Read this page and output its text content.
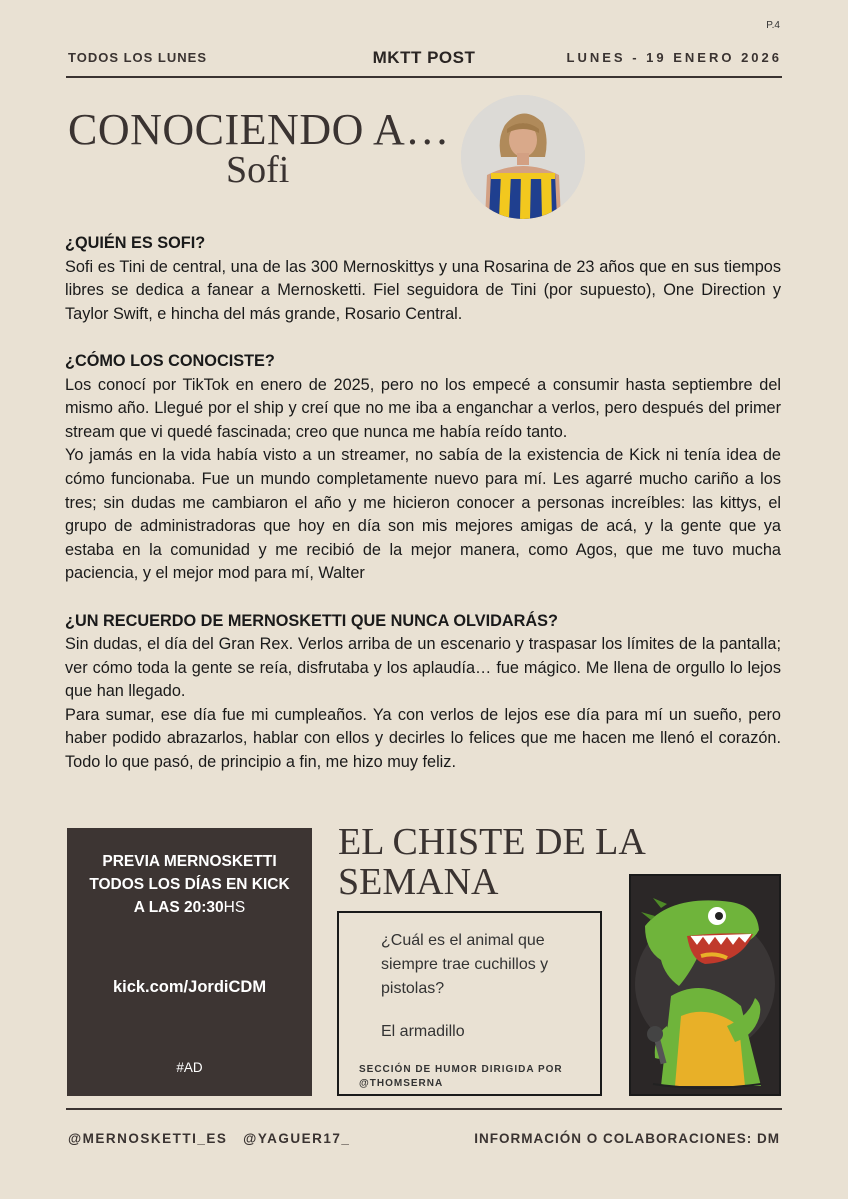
P.4
TODOS LOS LUNES	MKTT POST	LUNES - 19 ENERO 2026
CONOCIENDO A…
Sofi
¿QUIÉN ES SOFI?

Sofi es Tini de central, una de las 300 Mernoskittys y una Rosarina de 23 años que en sus tiempos libres se dedica a fanear a Mernosketti. Fiel seguidora de Tini (por supuesto), One Direction y Taylor Swift, e hincha del más grande, Rosario Central.

¿CÓMO LOS CONOCISTE?

Los conocí por TikTok en enero de 2025, pero no los empecé a consumir hasta septiembre del mismo año. Llegué por el ship y creí que no me iba a enganchar a verlos, pero después del primer stream que vi quedé fascinada; creo que nunca me había reído tanto.

Yo jamás en la vida había visto a un streamer, no sabía de la existencia de Kick ni tenía idea de cómo funcionaba. Fue un mundo completamente nuevo para mí. Les agarré mucho cariño a los tres; sin dudas me cambiaron el año y me hicieron conocer a personas increíbles: las kittys, el grupo de administradoras que hoy en día son mis mejores amigas de acá, y la gente que ya estaba en la comunidad y me recibió de la mejor manera, como Agos, que me tuvo mucha paciencia, y el mejor mod para mí, Walter

¿UN RECUERDO DE MERNOSKETTI QUE NUNCA OLVIDARÁS?

Sin dudas, el día del Gran Rex. Verlos arriba de un escenario y traspasar los límites de la pantalla; ver cómo toda la gente se reía, disfrutaba y los aplaudía… fue mágico. Me llena de orgullo lo lejos que han llegado.

Para sumar, ese día fue mi cumpleaños. Ya con verlos de lejos ese día para mí un sueño, pero haber podido abrazarlos, hablar con ellos y decirles lo felices que me hacen me llenó el corazón. Todo lo que pasó, de principio a fin, me hizo muy feliz.

PREVIA MERNOSKETTI
TODOS LOS DÍAS EN KICK
A LAS 20:30HS
kick.com/JordiCDM
#AD
EL CHISTE DE LA SEMANA
¿Cuál es el animal que siempre trae cuchillos y pistolas?
El armadillo
SECCIÓN DE HUMOR DIRIGIDA POR @THOMSERNA
@MERNOSKETTI_ES   @YAGUER17_	INFORMACIÓN O COLABORACIONES: DM
